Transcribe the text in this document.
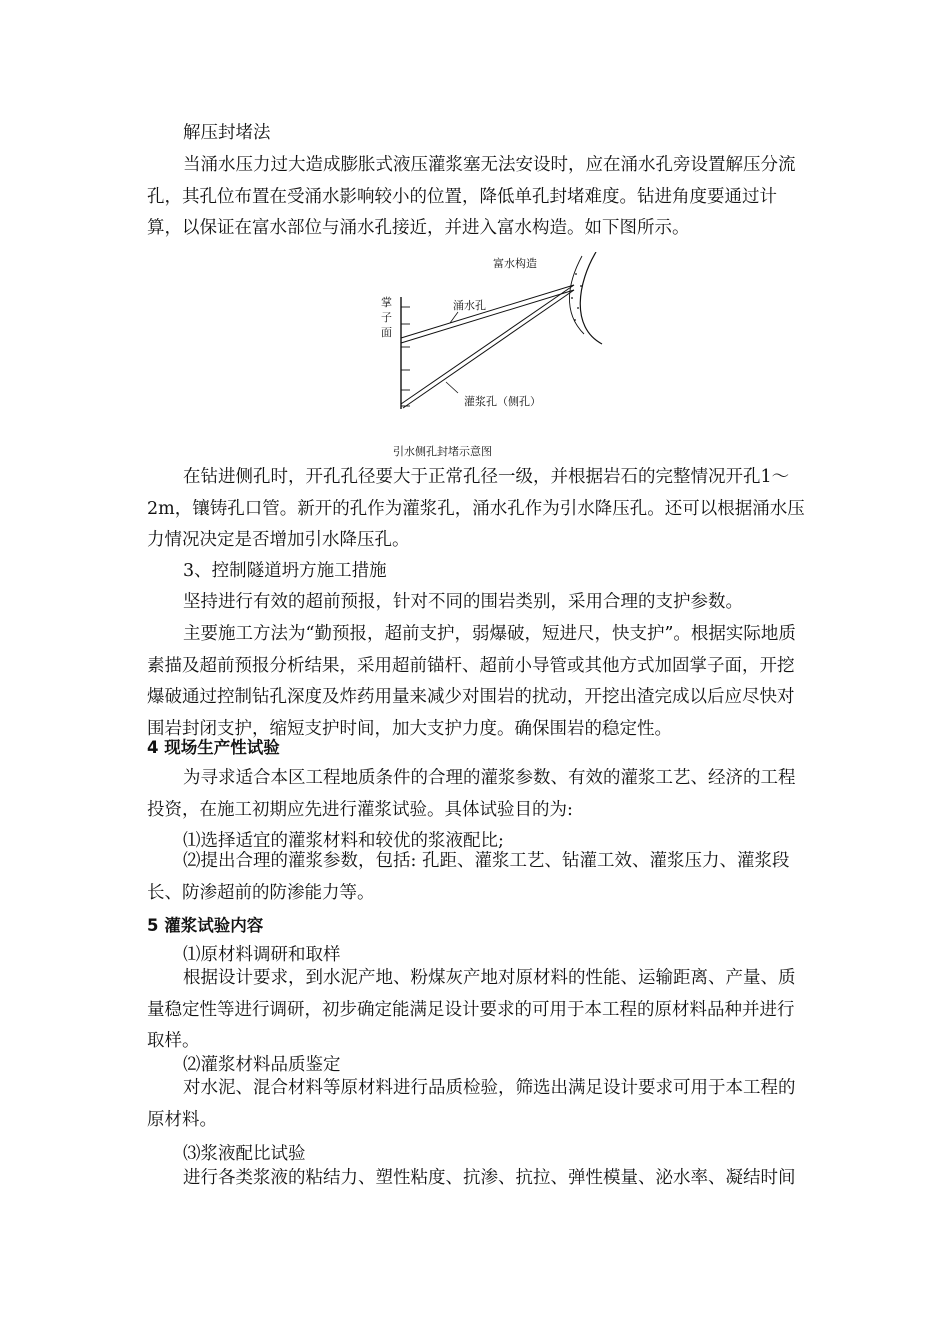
解压封堵法

当涌水压力过大造成膨胀式液压灌浆塞无法安设时，应在涌水孔旁设置解压分流孔，其孔位布置在受涌水影响较小的位置，降低单孔封堵难度。钻进角度要通过计算，以保证在富水部位与涌水孔接近，并进入富水构造。如下图所示。

富水构造
掌
子
面
涌水孔
灌浆孔（侧孔）
引水侧孔封堵示意图

在钻进侧孔时，开孔孔径要大于正常孔径一级，并根据岩石的完整情况开孔1～2m，镶铸孔口管。新开的孔作为灌浆孔，涌水孔作为引水降压孔。还可以根据涌水压力情况决定是否增加引水降压孔。

3、控制隧道坍方施工措施

坚持进行有效的超前预报，针对不同的围岩类别，采用合理的支护参数。

主要施工方法为“勤预报，超前支护，弱爆破，短进尺，快支护”。根据实际地质素描及超前预报分析结果，采用超前锚杆、超前小导管或其他方式加固掌子面，开挖爆破通过控制钻孔深度及炸药用量来减少对围岩的扰动，开挖出渣完成以后应尽快对围岩封闭支护，缩短支护时间，加大支护力度。确保围岩的稳定性。

4 现场生产性试验

为寻求适合本区工程地质条件的合理的灌浆参数、有效的灌浆工艺、经济的工程投资，在施工初期应先进行灌浆试验。具体试验目的为:

⑴选择适宜的灌浆材料和较优的浆液配比;

⑵提出合理的灌浆参数，包括: 孔距、灌浆工艺、钻灌工效、灌浆压力、灌浆段长、防渗超前的防渗能力等。

5 灌浆试验内容

⑴原材料调研和取样

根据设计要求，到水泥产地、粉煤灰产地对原材料的性能、运输距离、产量、质量稳定性等进行调研，初步确定能满足设计要求的可用于本工程的原材料品种并进行取样。

⑵灌浆材料品质鉴定

对水泥、混合材料等原材料进行品质检验，筛选出满足设计要求可用于本工程的原材料。

⑶浆液配比试验

进行各类浆液的粘结力、塑性粘度、抗渗、抗拉、弹性模量、泌水率、凝结时间
